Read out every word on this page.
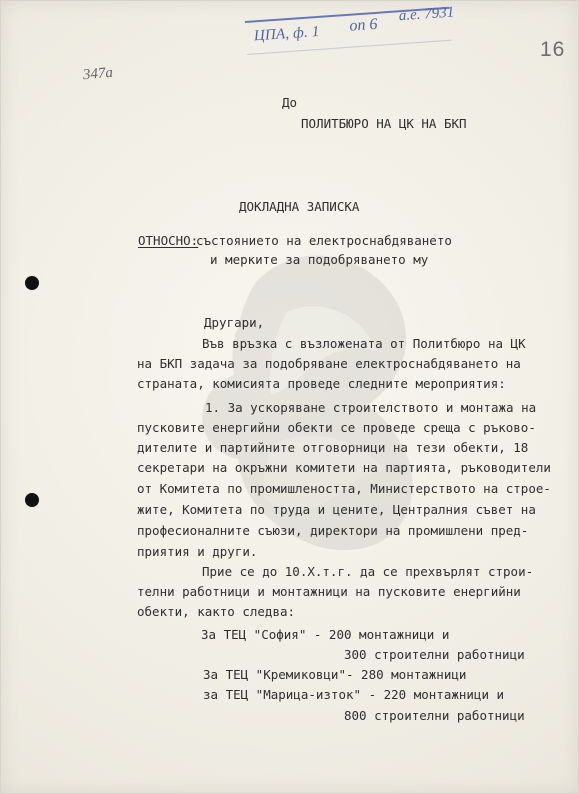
ЦПА, ф. 1 оп 6
а.е. 7931
347а
16
До
ПОЛИТБЮРО НА ЦК НА БКП
ДОКЛАДНА ЗАПИСКА
ОТНОСНО:
състоянието на електроснабдяването
и мерките за подобряването му
Другари,
Във връзка с възложената от Политбюро на ЦК
на БКП задача за подобряване електроснабдяването на
страната, комисията проведе следните мероприятия:
1. За ускоряване строителството и монтажа на
пусковите енергийни обекти се проведе среща с ръково-
дителите и партийните отговорници на тези обекти, 18
секретари на окръжни комитети на партията, ръководители
от Комитета по промишлеността, Министерството на строе-
жите, Комитета по труда и цените, Централния съвет на
професионалните съюзи, директори на промишлени пред-
приятия и други.
Прие се до 10.Х.т.г. да се прехвърлят строи-
телни работници и монтажници на пусковите енергийни
обекти, както следва:
За ТЕЦ "София" - 200 монтажници и
300 строителни работници
За ТЕЦ "Кремиковци"- 280 монтажници
за ТЕЦ "Марица-изток" - 220 монтажници и
800 строителни работници
